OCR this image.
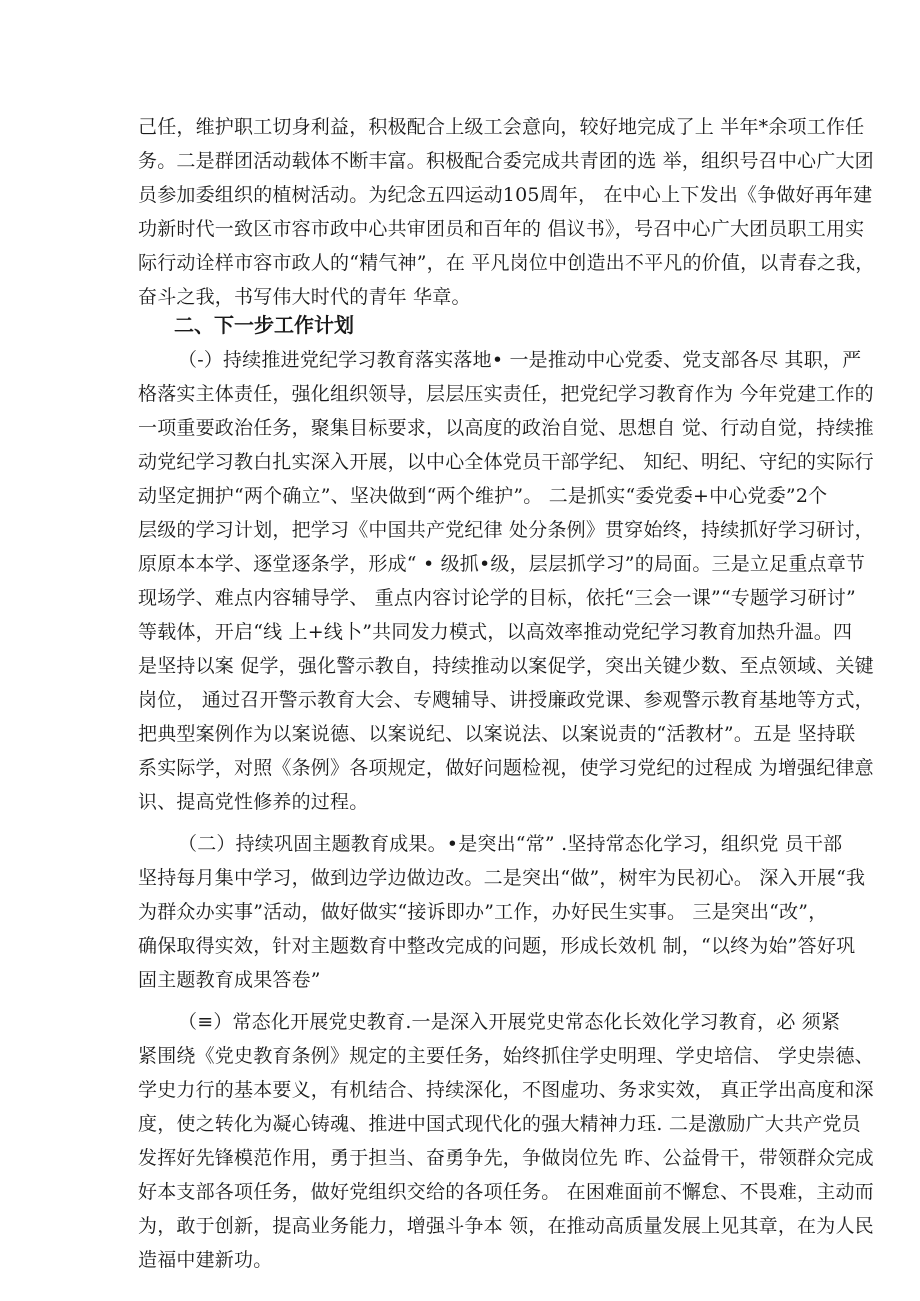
己任，维护职工切身利益，积极配合上级工会意向，较好地完成了上 半年*余项工作任
务。二是群团活动载体不断丰富。积极配合委完成共青团的选 举，组织号召中心广大团
员参加委组织的植树活动。为纪念五四运动105周年， 在中心上下发出《争做好再年建
功新时代一致区市容市政中心共审团员和百年的 倡议书》，号召中心广大团员职工用实
际行动诠样市容市政人的“精气神”，在 平凡岗位中创造出不平凡的价值，以青春之我，
奋斗之我，书写伟大时代的青年 华章。
二、下一步工作计划
（-）持续推进党纪学习教育落实落地• 一是推动中心党委、党支部各尽 其职，严
格落实主体责任，强化组织领导，层层压实责任，把党纪学习教育作为 今年党建工作的
一项重要政治任务，聚集目标要求，以高度的政治自觉、思想自 觉、行动自觉，持续推
动党纪学习教白扎实深入开展，以中心全体党员干部学纪、 知纪、明纪、守纪的实际行
动坚定拥护“两个确立”、坚决做到“两个维护”。 二是抓实“委党委+中心党委”2个
层级的学习计划，把学习《中国共产党纪律 处分条例》贯穿始终，持续抓好学习研讨，
原原本本学、逐堂逐条学，形成“ • 级抓•级，层层抓学习”的局面。三是立足重点章节
现场学、难点内容辅导学、 重点内容讨论学的目标，依托“三会一课”“专题学习研讨”
等载体，开启“线 上+线卜”共同发力模式，以高效率推动党纪学习教育加热升温。四
是坚持以案 促学，强化警示教自，持续推动以案促学，突出关键少数、至点领域、关键
岗位， 通过召开警示教育大会、专飕辅导、讲授廉政党课、参观警示教育基地等方式，
把典型案例作为以案说德、以案说纪、以案说法、以案说责的“活教材”。五是 坚持联
系实际学，对照《条例》各项规定，做好问题检视，使学习党纪的过程成 为增强纪律意
识、提高党性修养的过程。
（二）持续巩固主题教育成果。•是突出“常” .坚持常态化学习，组织党 员干部
坚持每月集中学习，做到边学边做边改。二是突出“做”，树牢为民初心。 深入开展“我
为群众办实事”活动，做好做实“接诉即办”工作，办好民生实事。 三是突出“改”，
确保取得实效，针对主题数育中整改完成的问题，形成长效机 制，“以终为始”答好巩
固主题教育成果答卷”
（≡）常态化开展党史教育.一是深入开展党史常态化长效化学习教育，必 须紧
紧围绕《党史教育条例》规定的主要任务，始终抓住学史明理、学史培信、 学史崇德、
学史力行的基本要义，有机结合、持续深化，不图虚功、务求实效， 真正学出高度和深
度，使之转化为凝心铸魂、推进中国式现代化的强大精神力珏. 二是激励广大共产党员
发挥好先锋模范作用，勇于担当、奋勇争先，争做岗位先 昨、公益骨干，带领群众完成
好本支部各项任务，做好党组织交给的各项任务。 在困难面前不懈怠、不畏难，主动而
为，敢于创新，提高业务能力，增强斗争本 领，在推动高质量发展上见其章，在为人民
造福中建新功。
